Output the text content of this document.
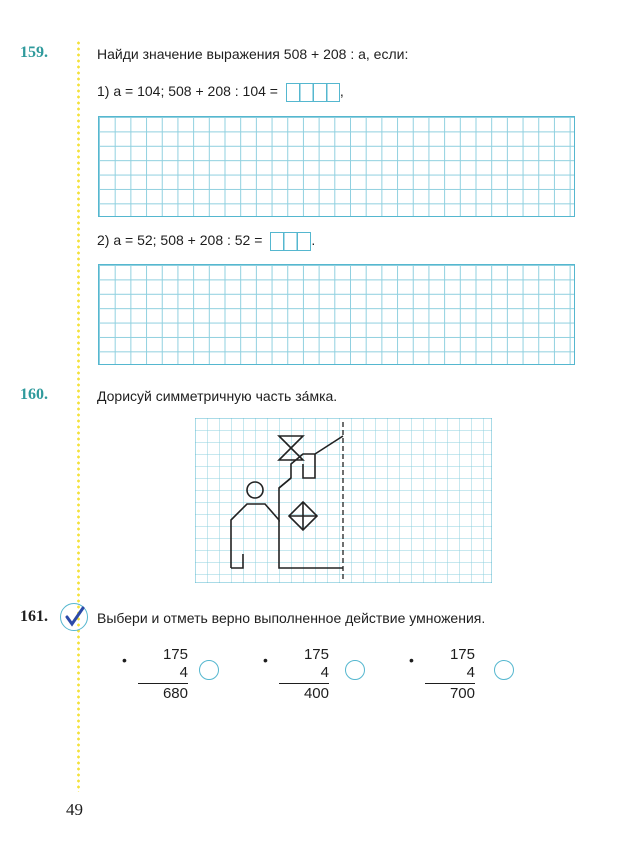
159.	Найди значение выражения 508 + 208 : a, если:
1) a = 104; 508 + 208 : 104 =	,
2) a = 52; 508 + 208 : 52 =	.
160.	Дорисуй симметричную часть за́мка.
161.	Выбери и отметь верно выполненное действие умножения.
•	175
4
680
•	175
4
400
•	175
4
700
49
